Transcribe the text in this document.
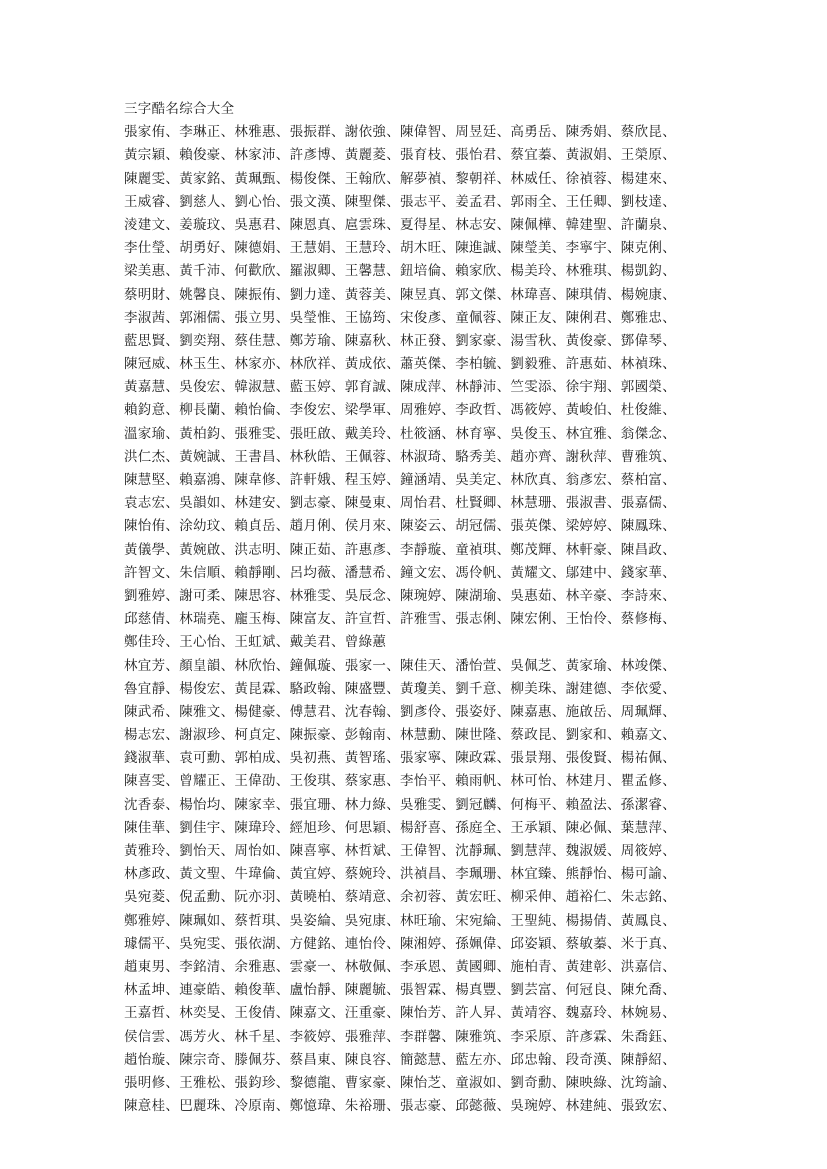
三字酷名综合大全
張家侑、李琳正、林雅惠、張振群、謝依強、陳偉智、周昱廷、高勇岳、陳秀娟、蔡欣昆、
黃宗穎、賴俊豪、林家沛、許彥博、黃麗菱、張育枝、張怡君、蔡宜蓁、黃淑娟、王榮原、
陳麗雯、黃家銘、黃珮甄、楊俊傑、王翰欣、解夢禎、黎朝祥、林威任、徐禎蓉、楊建來、
王威睿、劉慈人、劉心怡、張文漢、陳聖傑、張志平、姜孟君、郭雨全、王任卿、劉枝達、
淩建文、姜璇玟、吳惠君、陳恩真、扈雲珠、夏得星、林志安、陳佩樺、韓建聖、許蘭泉、
李仕瑩、胡勇好、陳德娟、王慧娟、王慧玲、胡木旺、陳進誠、陳瑩美、李寧宇、陳克俐、
梁美惠、黃千沛、何歡欣、羅淑卿、王馨慧、鈕培倫、賴家欣、楊美玲、林雅琪、楊凱鈞、
蔡明財、姚馨良、陳振侑、劉力達、黃蓉美、陳昱真、郭文傑、林瑋喜、陳琪倩、楊婉康、
李淑茜、郭湘儒、張立男、吳瑩惟、王協筠、宋俊彥、童佩蓉、陳正友、陳俐君、鄭雅忠、
藍思賢、劉奕翔、蔡佳慧、鄭芳瑜、陳嘉秋、林正發、劉家豪、湯雪秋、黃俊豪、鄧偉琴、
陳冠威、林玉生、林家亦、林欣祥、黃成依、蕭英傑、李柏毓、劉毅雅、許惠茹、林禎珠、
黃嘉慧、吳俊宏、韓淑慧、藍玉婷、郭育誠、陳成萍、林靜沛、竺雯添、徐宇翔、郭國榮、
賴鈞意、柳長蘭、賴怡倫、李俊宏、梁學軍、周雅婷、李政哲、馮筱婷、黃峻伯、杜俊維、
溫家瑜、黃柏鈞、張雅雯、張旺啟、戴美玲、杜筱涵、林育寧、吳俊玉、林宜雅、翁傑念、
洪仁杰、黃婉誠、王書昌、林秋皓、王佩蓉、林淑琦、駱秀美、趙亦齊、謝秋萍、曹雅筑、
陳慧堅、賴嘉鴻、陳韋修、許軒娥、程玉婷、鐘涵靖、吳美定、林欣真、翁彥宏、蔡柏富、
袁志宏、吳韻如、林建安、劉志豪、陳曼東、周怡君、杜賢卿、林慧珊、張淑書、張嘉儒、
陳怡侑、涂幼玟、賴貞岳、趙月俐、侯月來、陳姿云、胡冠儒、張英傑、梁婷婷、陳鳳珠、
黃儀學、黃婉啟、洪志明、陳正茹、許惠彥、李靜璇、童禎琪、鄭茂輝、林軒豪、陳昌政、
許智文、朱信順、賴靜剛、呂均薇、潘慧希、鐘文宏、馮伶帆、黃耀文、鄔建中、錢家華、
劉雅婷、謝可柔、陳思容、林雅雯、吳辰念、陳琬婷、陳湖瑜、吳惠茹、林辛豪、李詩來、
邱慈倩、林瑞堯、龐玉梅、陳富友、許宣哲、許雅雪、張志俐、陳宏俐、王怡伶、蔡修梅、
鄭佳玲、王心怡、王虹斌、戴美君、曾綠蕙
林宜芳、顏皇韻、林欣怡、鐘佩璇、張家一、陳佳天、潘怡萱、吳佩芝、黃家瑜、林竣傑、
魯宜靜、楊俊宏、黃昆霖、駱政翰、陳盛豐、黃瓊美、劉千意、柳美珠、謝建德、李依愛、
陳武希、陳雅文、楊健豪、傅慧君、沈春翰、劉彥伶、張姿妤、陳嘉惠、施啟岳、周珮輝、
楊志宏、謝淑珍、柯貞定、陳振豪、彭翰南、林慧勳、陳世隆、蔡政昆、劉家和、賴嘉文、
錢淑華、袁可勳、郭柏成、吳初燕、黃智瑤、張家寧、陳政霖、張景翔、張俊賢、楊祐佩、
陳喜雯、曾耀正、王偉劭、王俊琪、蔡家惠、李怡平、賴雨帆、林可怡、林建月、瞿孟修、
沈香泰、楊怡均、陳家幸、張宜珊、林力綠、吳雅雯、劉冠麟、何梅平、賴盈法、孫潔睿、
陳佳華、劉佳宇、陳瑋玲、經旭珍、何思穎、楊舒喜、孫庭全、王承穎、陳必佩、葉慧萍、
黃雅玲、劉怡天、周怡如、陳喜寧、林哲斌、王偉智、沈靜珮、劉慧萍、魏淑媛、周筱婷、
林彥政、黃文聖、牛瑋倫、黃宜婷、蔡婉玲、洪禎昌、李珮珊、林宜臻、熊靜怡、楊可諭、
吳宛菱、倪孟勳、阮亦羽、黃曉柏、蔡靖意、余初蓉、黃宏旺、柳采伸、趙裕仁、朱志銘、
鄭雅婷、陳珮如、蔡哲琪、吳姿綸、吳宛康、林旺瑜、宋宛綸、王聖純、楊揚倩、黃鳳良、
璩儒平、吳宛雯、張依湖、方健銘、連怡伶、陳湘婷、孫姵偉、邱姿穎、蔡敏蓁、米于真、
趙東男、李銘清、余雅惠、雲豪一、林敬佩、李承恩、黃國卿、施柏青、黃建彰、洪嘉信、
林孟坤、連豪皓、賴俊華、盧怡靜、陳麗毓、張智霖、楊真豐、劉芸富、何冠良、陳允喬、
王嘉哲、林奕旻、王俊倩、陳嘉文、汪重豪、陳怡芳、許人昇、黃靖容、魏嘉玲、林婉易、
侯信雲、馮芳火、林千星、李筱婷、張雅萍、李群馨、陳雅筑、李采原、許彥霖、朱喬鈺、
趙怡璇、陳宗奇、滕佩芬、蔡昌東、陳良容、簡懿慧、藍左亦、邱忠翰、段奇漢、陳靜紹、
張明修、王雅松、張鈞珍、黎德龍、曹家豪、陳怡芝、童淑如、劉奇勳、陳映綠、沈筠諭、
陳意桂、巴麗珠、冷原南、鄭憶瑋、朱裕珊、張志豪、邱懿薇、吳琬婷、林建純、張致宏、
